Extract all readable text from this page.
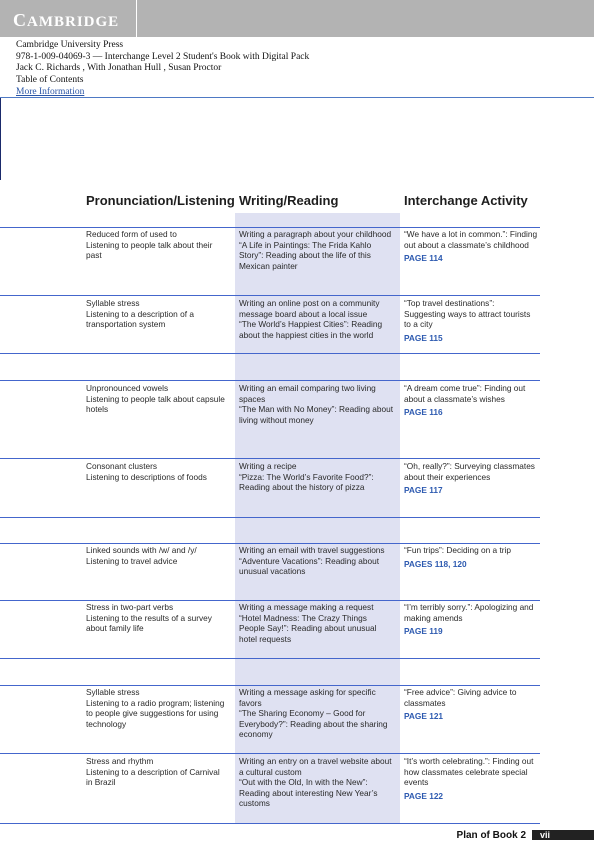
CAMBRIDGE
Cambridge University Press
978-1-009-04069-3 — Interchange Level 2 Student's Book with Digital Pack
Jack C. Richards , With Jonathan Hull , Susan Proctor
Table of Contents
More Information
Pronunciation/Listening Writing/Reading	Interchange Activity

Reduced form of used to

Listening to people talk about their past

Writing a paragraph about your childhood

“A Life in Paintings: The Frida Kahlo Story”: Reading about the life of this Mexican painter

“We have a lot in common.”: Finding out about a classmate’s childhood

PAGE 114

Syllable stress

Listening to a description of a transportation system

Writing an online post on a community message board about a local issue

“The World’s Happiest Cities”: Reading about the happiest cities in the world

“Top travel destinations”: Suggesting ways to attract tourists to a city

PAGE 115

Unpronounced vowels

Listening to people talk about capsule hotels

Writing an email comparing two living spaces

“The Man with No Money”: Reading about living without money

“A dream come true”: Finding out about a classmate’s wishes

PAGE 116

Consonant clusters

Listening to descriptions of foods

Writing a recipe

“Pizza: The World’s Favorite Food?”: Reading about the history of pizza

“Oh, really?”: Surveying classmates about their experiences

PAGE 117

Linked sounds with /w/ and /y/

Listening to travel advice

Writing an email with travel suggestions

“Adventure Vacations”: Reading about unusual vacations

“Fun trips”: Deciding on a trip

PAGES 118, 120

Stress in two-part verbs

Listening to the results of a survey about family life

Writing a message making a request

“Hotel Madness: The Crazy Things People Say!”: Reading about unusual hotel requests

“I’m terribly sorry.”: Apologizing and making amends

PAGE 119

Syllable stress

Listening to a radio program; listening to people give suggestions for using technology

Writing a message asking for specific favors

“The Sharing Economy – Good for Everybody?”: Reading about the sharing economy

“Free advice”: Giving advice to classmates

PAGE 121

Stress and rhythm

Listening to a description of Carnival in Brazil

Writing an entry on a travel website about a cultural custom

“Out with the Old, In with the New”: Reading about interesting New Year’s customs

“It’s worth celebrating.”: Finding out how classmates celebrate special events

PAGE 122

Plan of Book 2	vii
